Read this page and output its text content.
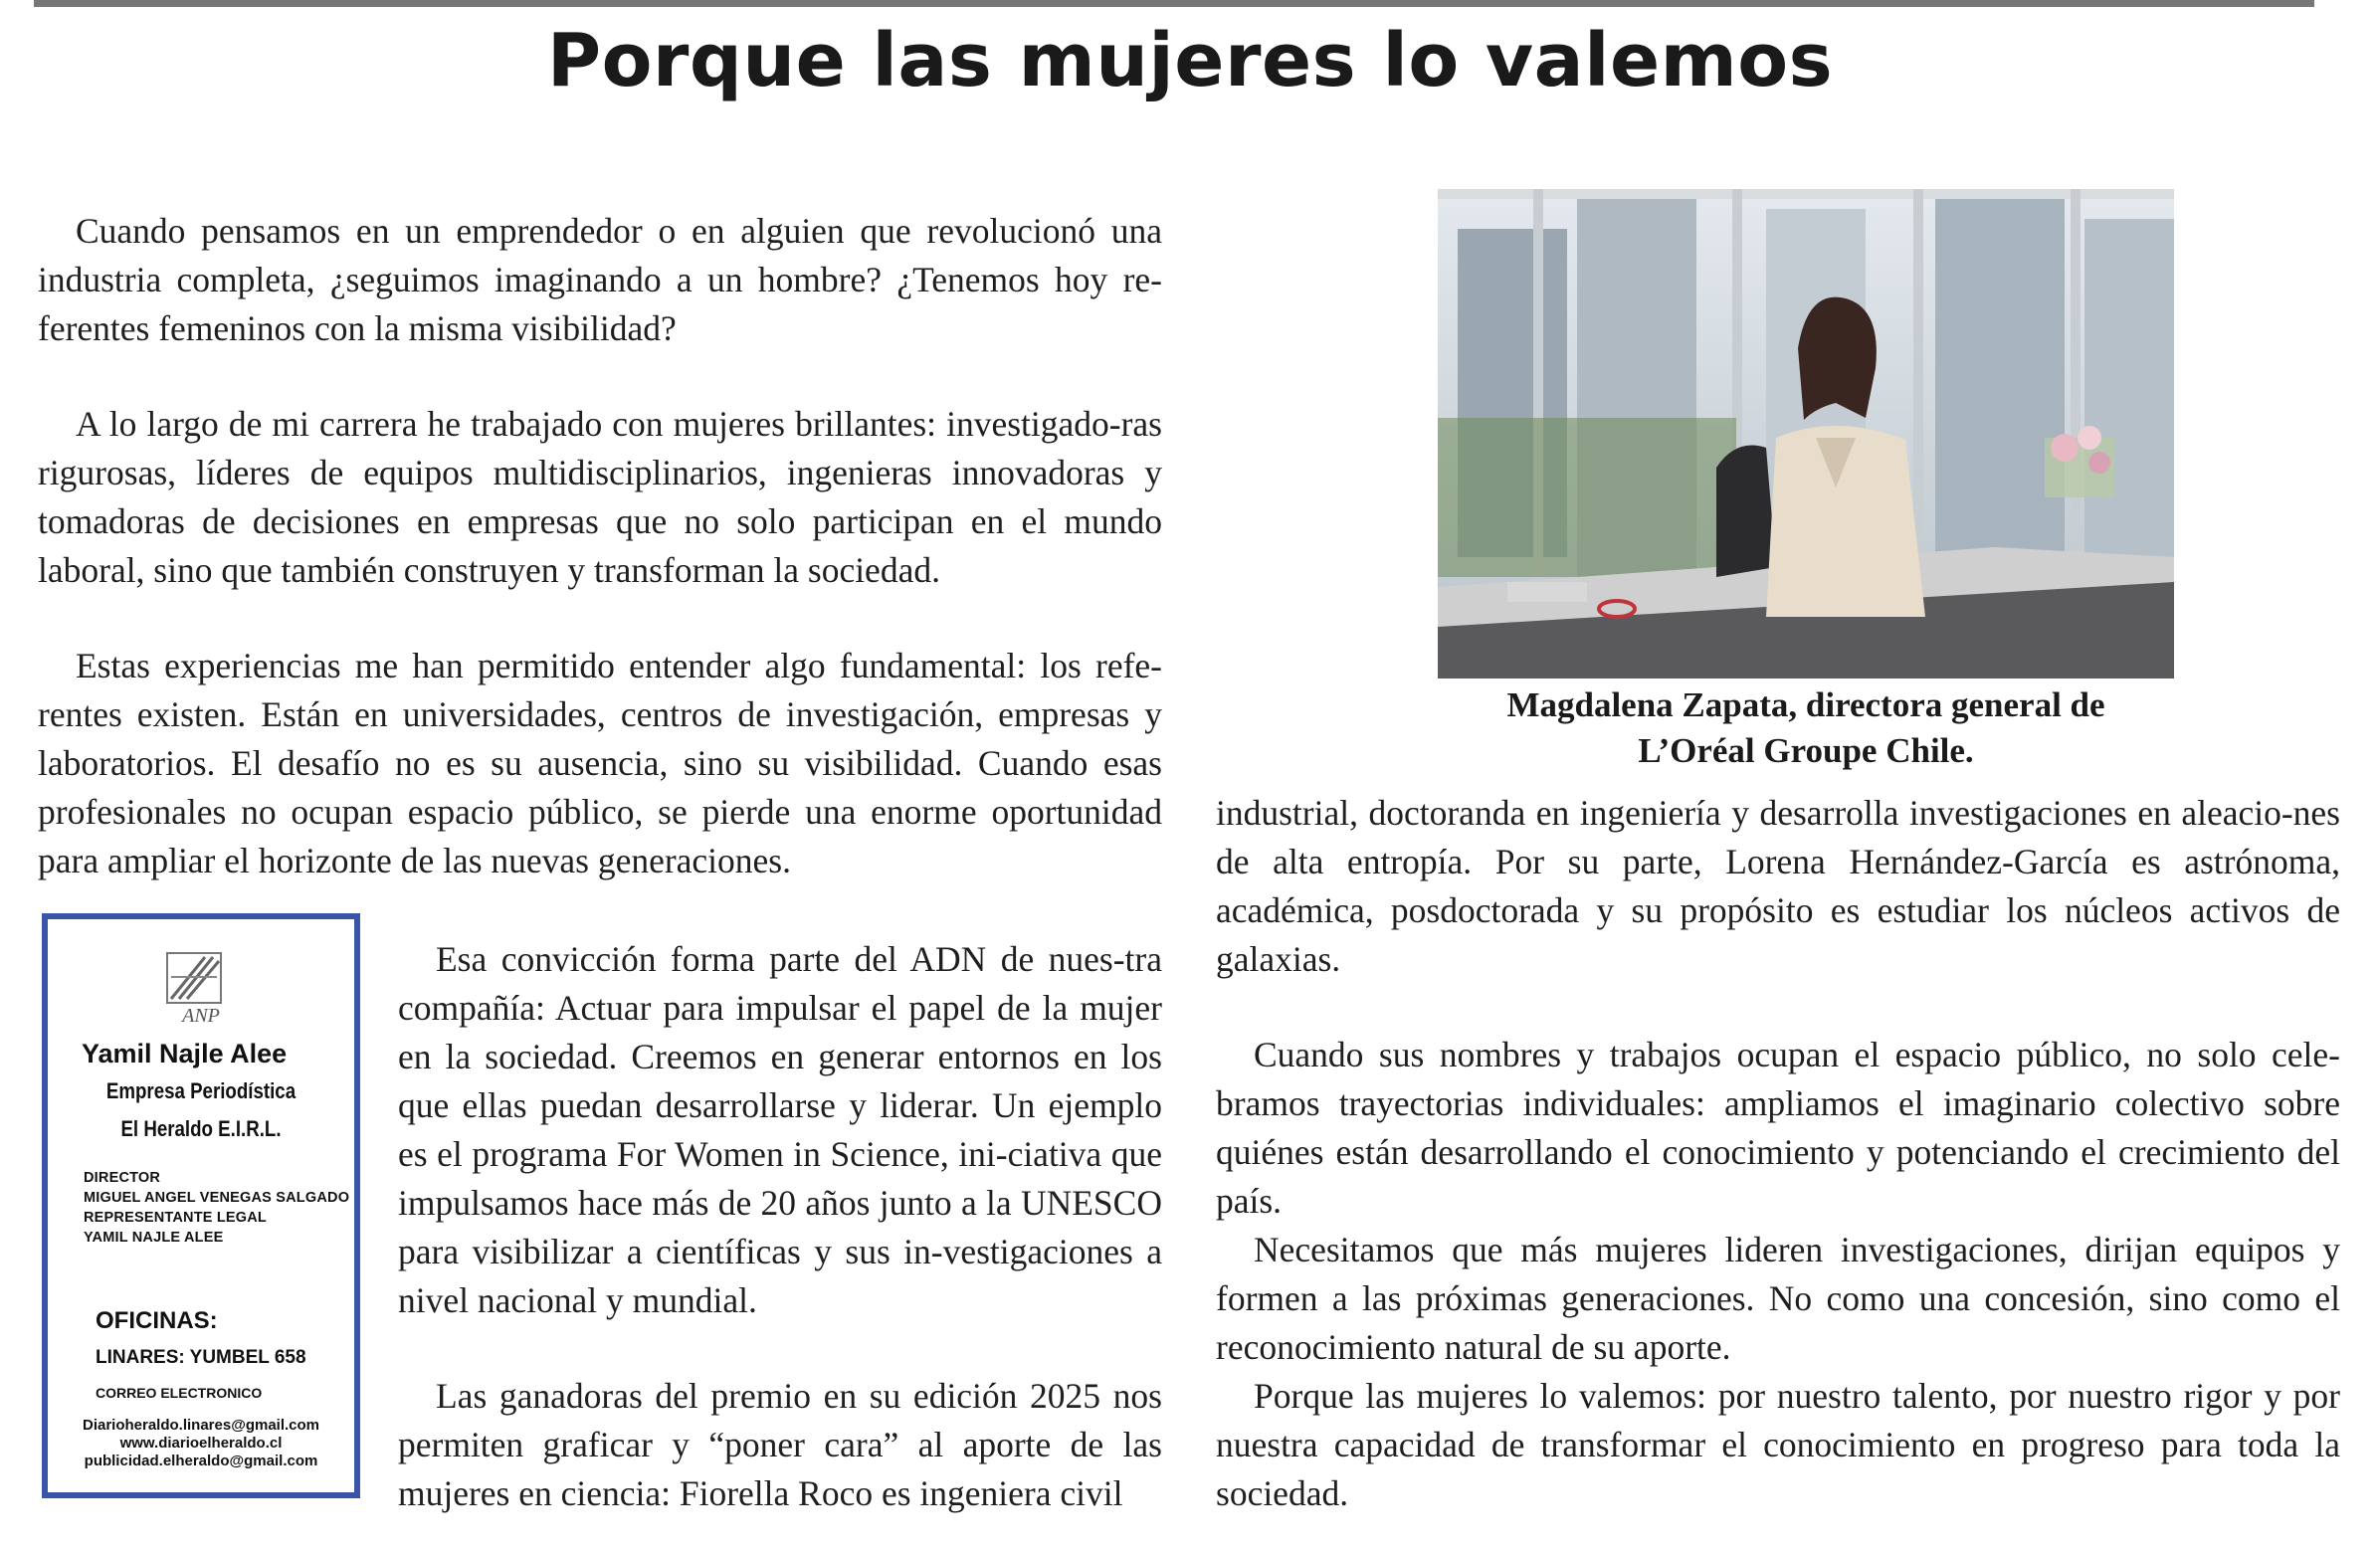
Porque las mujeres lo valemos

Cuando pensamos en un emprendedor o en alguien que revolucionó una industria completa, ¿seguimos imaginando a un hombre? ¿Tenemos hoy re-ferentes femeninos con la misma visibilidad?

A lo largo de mi carrera he trabajado con mujeres brillantes: investigado-ras rigurosas, líderes de equipos multidisciplinarios, ingenieras innovadoras y tomadoras de decisiones en empresas que no solo participan en el mundo laboral, sino que también construyen y transforman la sociedad.

Estas experiencias me han permitido entender algo fundamental: los refe-rentes existen. Están en universidades, centros de investigación, empresas y laboratorios. El desafío no es su ausencia, sino su visibilidad. Cuando esas profesionales no ocupan espacio público, se pierde una enorme oportunidad para ampliar el horizonte de las nuevas generaciones.

Esa convicción forma parte del ADN de nues-tra compañía: Actuar para impulsar el papel de la mujer en la sociedad. Creemos en generar entornos en los que ellas puedan desarrollarse y liderar. Un ejemplo es el programa For Women in Science, ini-ciativa que impulsamos hace más de 20 años junto a la UNESCO para visibilizar a científicas y sus in-vestigaciones a nivel nacional y mundial.

Las ganadoras del premio en su edición 2025 nos permiten graficar y “poner cara” al aporte de las mujeres en ciencia: Fiorella Roco es ingeniera civil

industrial, doctoranda en ingeniería y desarrolla investigaciones en aleacio-nes de alta entropía. Por su parte, Lorena Hernández-García es astrónoma, académica, posdoctorada y su propósito es estudiar los núcleos activos de galaxias.

Cuando sus nombres y trabajos ocupan el espacio público, no solo cele-bramos trayectorias individuales: ampliamos el imaginario colectivo sobre quiénes están desarrollando el conocimiento y potenciando el crecimiento del país.

Necesitamos que más mujeres lideren investigaciones, dirijan equipos y formen a las próximas generaciones. No como una concesión, sino como el reconocimiento natural de su aporte.

Porque las mujeres lo valemos: por nuestro talento, por nuestro rigor y por nuestra capacidad de transformar el conocimiento en progreso para toda la sociedad.

Magdalena Zapata, directora general de
L’Oréal Groupe Chile.
ANP
Yamil Najle Alee
Empresa Periodística
El Heraldo E.I.R.L.
DIRECTOR
MIGUEL ANGEL VENEGAS SALGADO
REPRESENTANTE LEGAL
YAMIL NAJLE ALEE
OFICINAS:
LINARES: YUMBEL 658
CORREO ELECTRONICO
Diarioheraldo.linares@gmail.com
www.diarioelheraldo.cl
publicidad.elheraldo@gmail.com
